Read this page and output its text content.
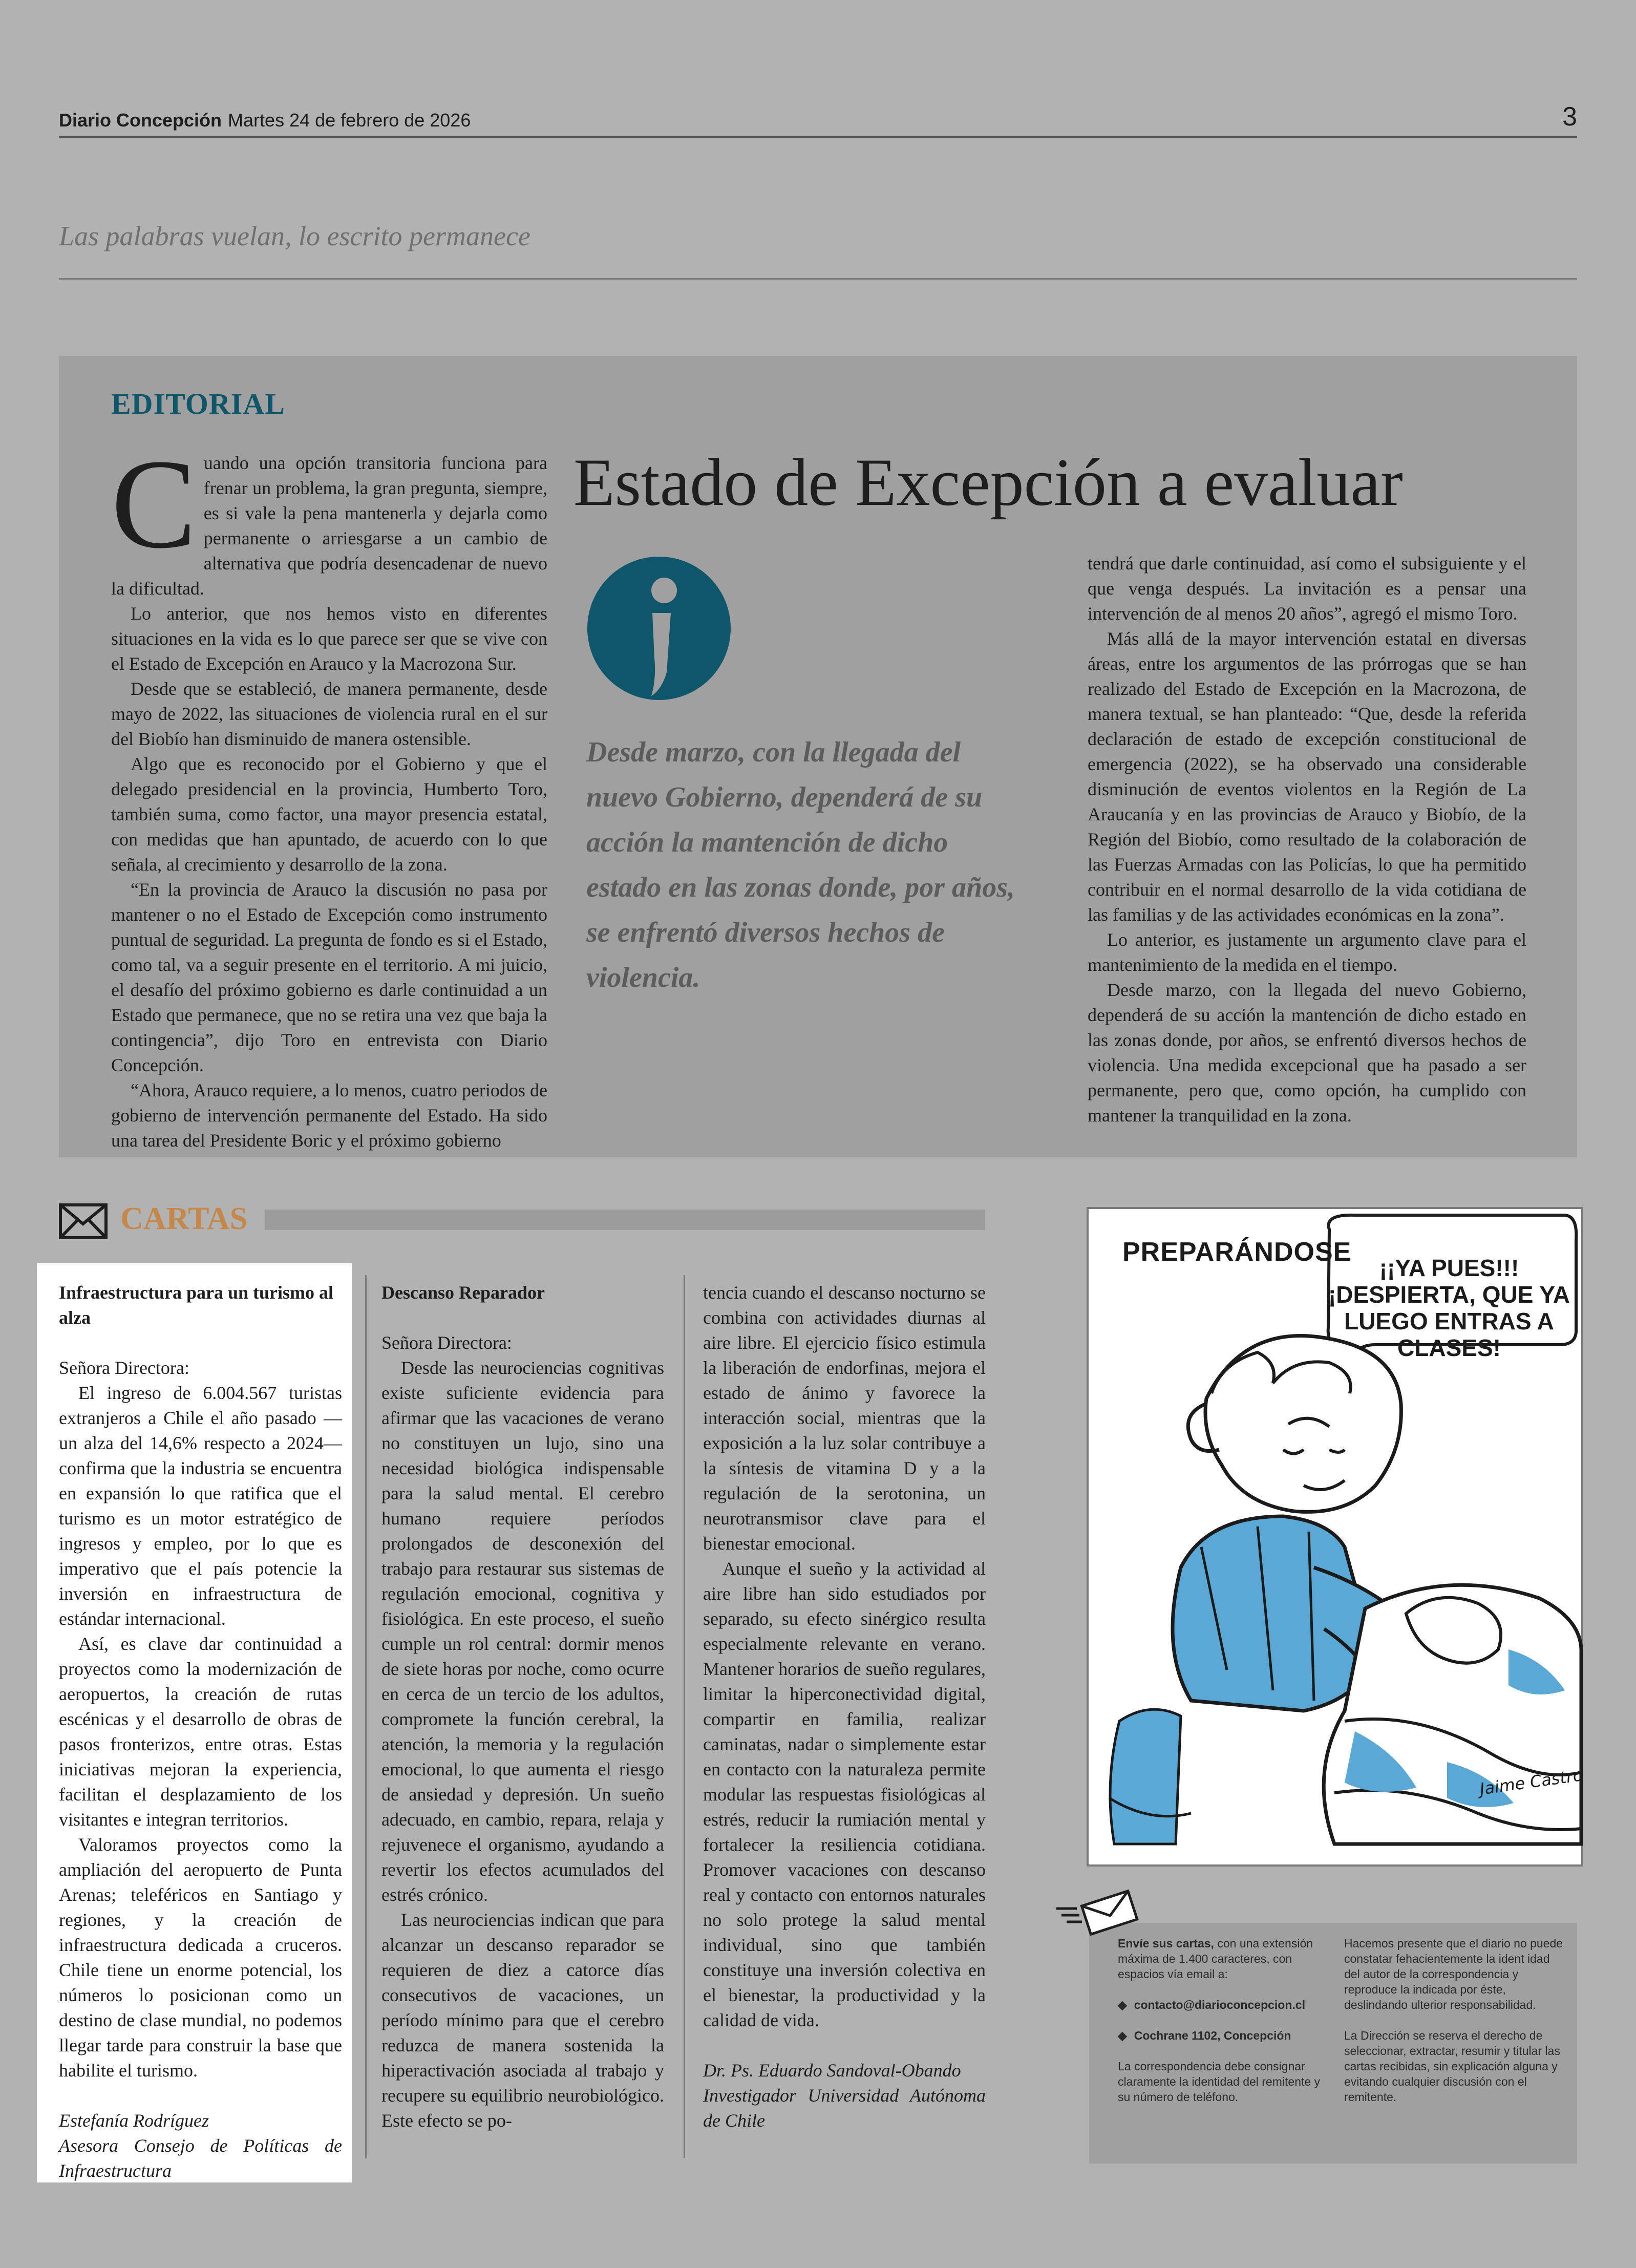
Diario Concepción Martes 24 de febrero de 2026	3
Las palabras vuelan, lo escrito permanece
EDITORIAL
Estado de Excepción a evaluar

Cuando una opción transitoria funciona para frenar un problema, la gran pregunta, siempre, es si vale la pena mantenerla y dejarla como permanente o arriesgarse a un cambio de alternativa que podría desencadenar de nuevo la dificultad.

Lo anterior, que nos hemos visto en diferentes situaciones en la vida es lo que parece ser que se vive con el Estado de Excepción en Arauco y la Macrozona Sur.

Desde que se estableció, de manera permanente, desde mayo de 2022, las situaciones de violencia rural en el sur del Biobío han disminuido de manera ostensible.

Algo que es reconocido por el Gobierno y que el delegado presidencial en la provincia, Humberto Toro, también suma, como factor, una mayor presencia estatal, con medidas que han apuntado, de acuerdo con lo que señala, al crecimiento y desarrollo de la zona.

“En la provincia de Arauco la discusión no pasa por mantener o no el Estado de Excepción como instrumento puntual de seguridad. La pregunta de fondo es si el Estado, como tal, va a seguir presente en el territorio. A mi juicio, el desafío del próximo gobierno es darle continuidad a un Estado que permanece, que no se retira una vez que baja la contingencia”, dijo Toro en entrevista con Diario Concepción.

“Ahora, Arauco requiere, a lo menos, cuatro periodos de gobierno de intervención permanente del Estado. Ha sido una tarea del Presidente Boric y el próximo gobierno

Desde marzo, con la llegada del nuevo Gobierno, dependerá de su acción la mantención de dicho estado en las zonas donde, por años, se enfrentó diversos hechos de violencia.

tendrá que darle continuidad, así como el subsiguiente y el que venga después. La invitación es a pensar una intervención de al menos 20 años”, agregó el mismo Toro.

Más allá de la mayor intervención estatal en diversas áreas, entre los argumentos de las prórrogas que se han realizado del Estado de Excepción en la Macrozona, de manera textual, se han planteado: “Que, desde la referida declaración de estado de excepción constitucional de emergencia (2022), se ha observado una considerable disminución de eventos violentos en la Región de La Araucanía y en las provincias de Arauco y Biobío, de la Región del Biobío, como resultado de la colaboración de las Fuerzas Armadas con las Policías, lo que ha permitido contribuir en el normal desarrollo de la vida cotidiana de las familias y de las actividades económicas en la zona”.

Lo anterior, es justamente un argumento clave para el mantenimiento de la medida en el tiempo.

Desde marzo, con la llegada del nuevo Gobierno, dependerá de su acción la mantención de dicho estado en las zonas donde, por años, se enfrentó diversos hechos de violencia. Una medida excepcional que ha pasado a ser permanente, pero que, como opción, ha cumplido con mantener la tranquilidad en la zona.

CARTAS

Infraestructura para un turismo al alza

Señora Directora:

El ingreso de 6.004.567 turistas extranjeros a Chile el año pasado —un alza del 14,6% respecto a 2024— confirma que la industria se encuentra en expansión lo que ratifica que el turismo es un motor estratégico de ingresos y empleo, por lo que es imperativo que el país potencie la inversión en infraestructura de estándar internacional.

Así, es clave dar continuidad a proyectos como la modernización de aeropuertos, la creación de rutas escénicas y el desarrollo de obras de pasos fronterizos, entre otras. Estas iniciativas mejoran la experiencia, facilitan el desplazamiento de los visitantes e integran territorios.

Valoramos proyectos como la ampliación del aeropuerto de Punta Arenas; teleféricos en Santiago y regiones, y la creación de infraestructura dedicada a cruceros. Chile tiene un enorme potencial, los números lo posicionan como un destino de clase mundial, no podemos llegar tarde para construir la base que habilite el turismo.

Estefanía Rodríguez

Asesora Consejo de Políticas de Infraestructura

Descanso Reparador

Señora Directora:

Desde las neurociencias cognitivas existe suficiente evidencia para afirmar que las vacaciones de verano no constituyen un lujo, sino una necesidad biológica indispensable para la salud mental. El cerebro humano requiere períodos prolongados de desconexión del trabajo para restaurar sus sistemas de regulación emocional, cognitiva y fisiológica. En este proceso, el sueño cumple un rol central: dormir menos de siete horas por noche, como ocurre en cerca de un tercio de los adultos, compromete la función cerebral, la atención, la memoria y la regulación emocional, lo que aumenta el riesgo de ansiedad y depresión. Un sueño adecuado, en cambio, repara, relaja y rejuvenece el organismo, ayudando a revertir los efectos acumulados del estrés crónico.

Las neurociencias indican que para alcanzar un descanso reparador se requieren de diez a catorce días consecutivos de vacaciones, un período mínimo para que el cerebro reduzca de manera sostenida la hiperactivación asociada al trabajo y recupere su equilibrio neurobiológico. Este efecto se po-

tencia cuando el descanso nocturno se combina con actividades diurnas al aire libre. El ejercicio físico estimula la liberación de endorfinas, mejora el estado de ánimo y favorece la interacción social, mientras que la exposición a la luz solar contribuye a la síntesis de vitamina D y a la regulación de la serotonina, un neurotransmisor clave para el bienestar emocional.

Aunque el sueño y la actividad al aire libre han sido estudiados por separado, su efecto sinérgico resulta especialmente relevante en verano. Mantener horarios de sueño regulares, limitar la hiperconectividad digital, compartir en familia, realizar caminatas, nadar o simplemente estar en contacto con la naturaleza permite modular las respuestas fisiológicas al estrés, reducir la rumiación mental y fortalecer la resiliencia cotidiana. Promover vacaciones con descanso real y contacto con entornos naturales no solo protege la salud mental individual, sino que también constituye una inversión colectiva en el bienestar, la productividad y la calidad de vida.

Dr. Ps. Eduardo Sandoval-Obando

Investigador Universidad Autónoma de Chile

PREPARÁNDOSE
¡¡YA PUES!!! ¡DESPIERTA, QUE YA LUEGO ENTRAS A CLASES!
Jaime Castro
Envíe sus cartas, con una extensión máxima de 1.400 caracteres, con espacios vía email a:
◆ contacto@diarioconcepcion.cl
◆ Cochrane 1102, Concepción
La correspondencia debe consignar claramente la identidad del remitente y su número de teléfono.
Hacemos presente que el diario no puede constatar fehacientemente la ident idad del autor de la correspondencia y reproduce la indicada por éste, deslindando ulterior responsabilidad.
La Dirección se reserva el derecho de seleccionar, extractar, resumir y titular las cartas recibidas, sin explicación alguna y evitando cualquier discusión con el remitente.
